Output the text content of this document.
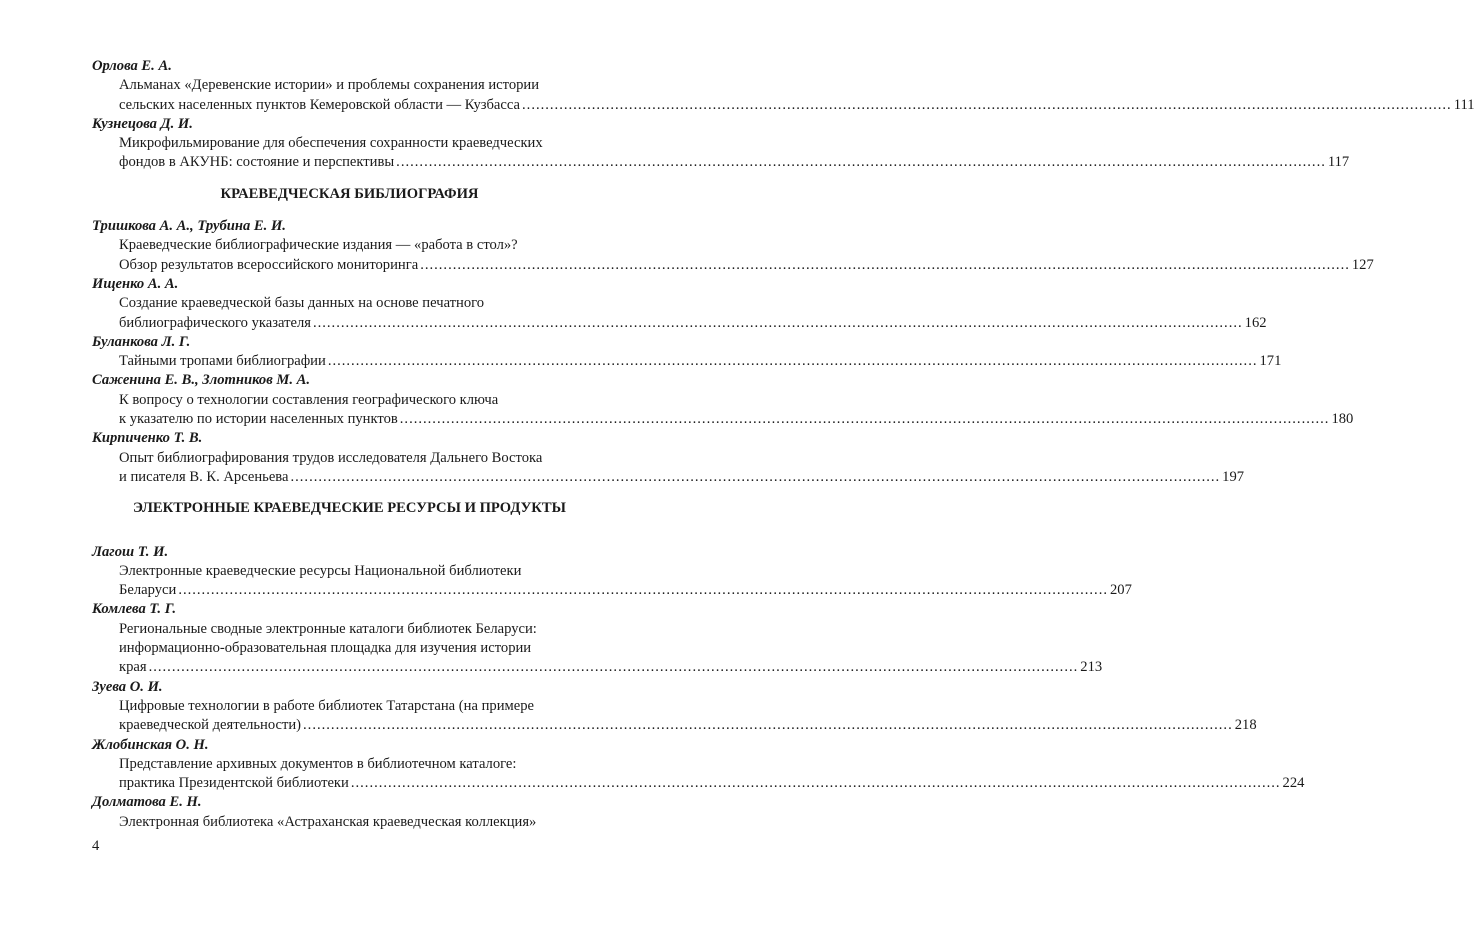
Орлова Е. А.
Альманах «Деревенские истории» и проблемы сохранения истории
сельских населенных пунктов Кемеровской области — Кузбасса ........................................................................................................................................................................................................ 111
Кузнецова Д. И.
Микрофильмирование для обеспечения сохранности краеведческих
фондов в АКУНБ: состояние и перспективы ........................................................................................................................................................................................................ 117
КРАЕВЕДЧЕСКАЯ БИБЛИОГРАФИЯ
Тришкова А. А., Трубина Е. И.
Краеведческие библиографические издания — «работа в стол»?
Обзор результатов всероссийского мониторинга ........................................................................................................................................................................................................ 127
Ищенко А. А.
Создание краеведческой базы данных на основе печатного
библиографического указателя ........................................................................................................................................................................................................ 162
Буланкова Л. Г.
Тайными тропами библиографии ........................................................................................................................................................................................................ 171
Саженина Е. В., Злотников М. А.
К вопросу о технологии составления географического ключа
к указателю по истории населенных пунктов ........................................................................................................................................................................................................ 180
Кирпиченко Т. В.
Опыт библиографирования трудов исследователя Дальнего Востока
и писателя В. К. Арсеньева ........................................................................................................................................................................................................ 197
ЭЛЕКТРОННЫЕ КРАЕВЕДЧЕСКИЕ РЕСУРСЫ И ПРОДУКТЫ
Лагош Т. И.
Электронные краеведческие ресурсы Национальной библиотеки
Беларуси ........................................................................................................................................................................................................ 207
Комлева Т. Г.
Региональные сводные электронные каталоги библиотек Беларуси:
информационно-образовательная площадка для изучения истории
края ........................................................................................................................................................................................................ 213
Зуева О. И.
Цифровые технологии в работе библиотек Татарстана (на примере
краеведческой деятельности) ........................................................................................................................................................................................................ 218
Жлобинская О. Н.
Представление архивных документов в библиотечном каталоге:
практика Президентской библиотеки ........................................................................................................................................................................................................ 224
Долматова Е. Н.
Электронная библиотека «Астраханская краеведческая коллекция»
4
